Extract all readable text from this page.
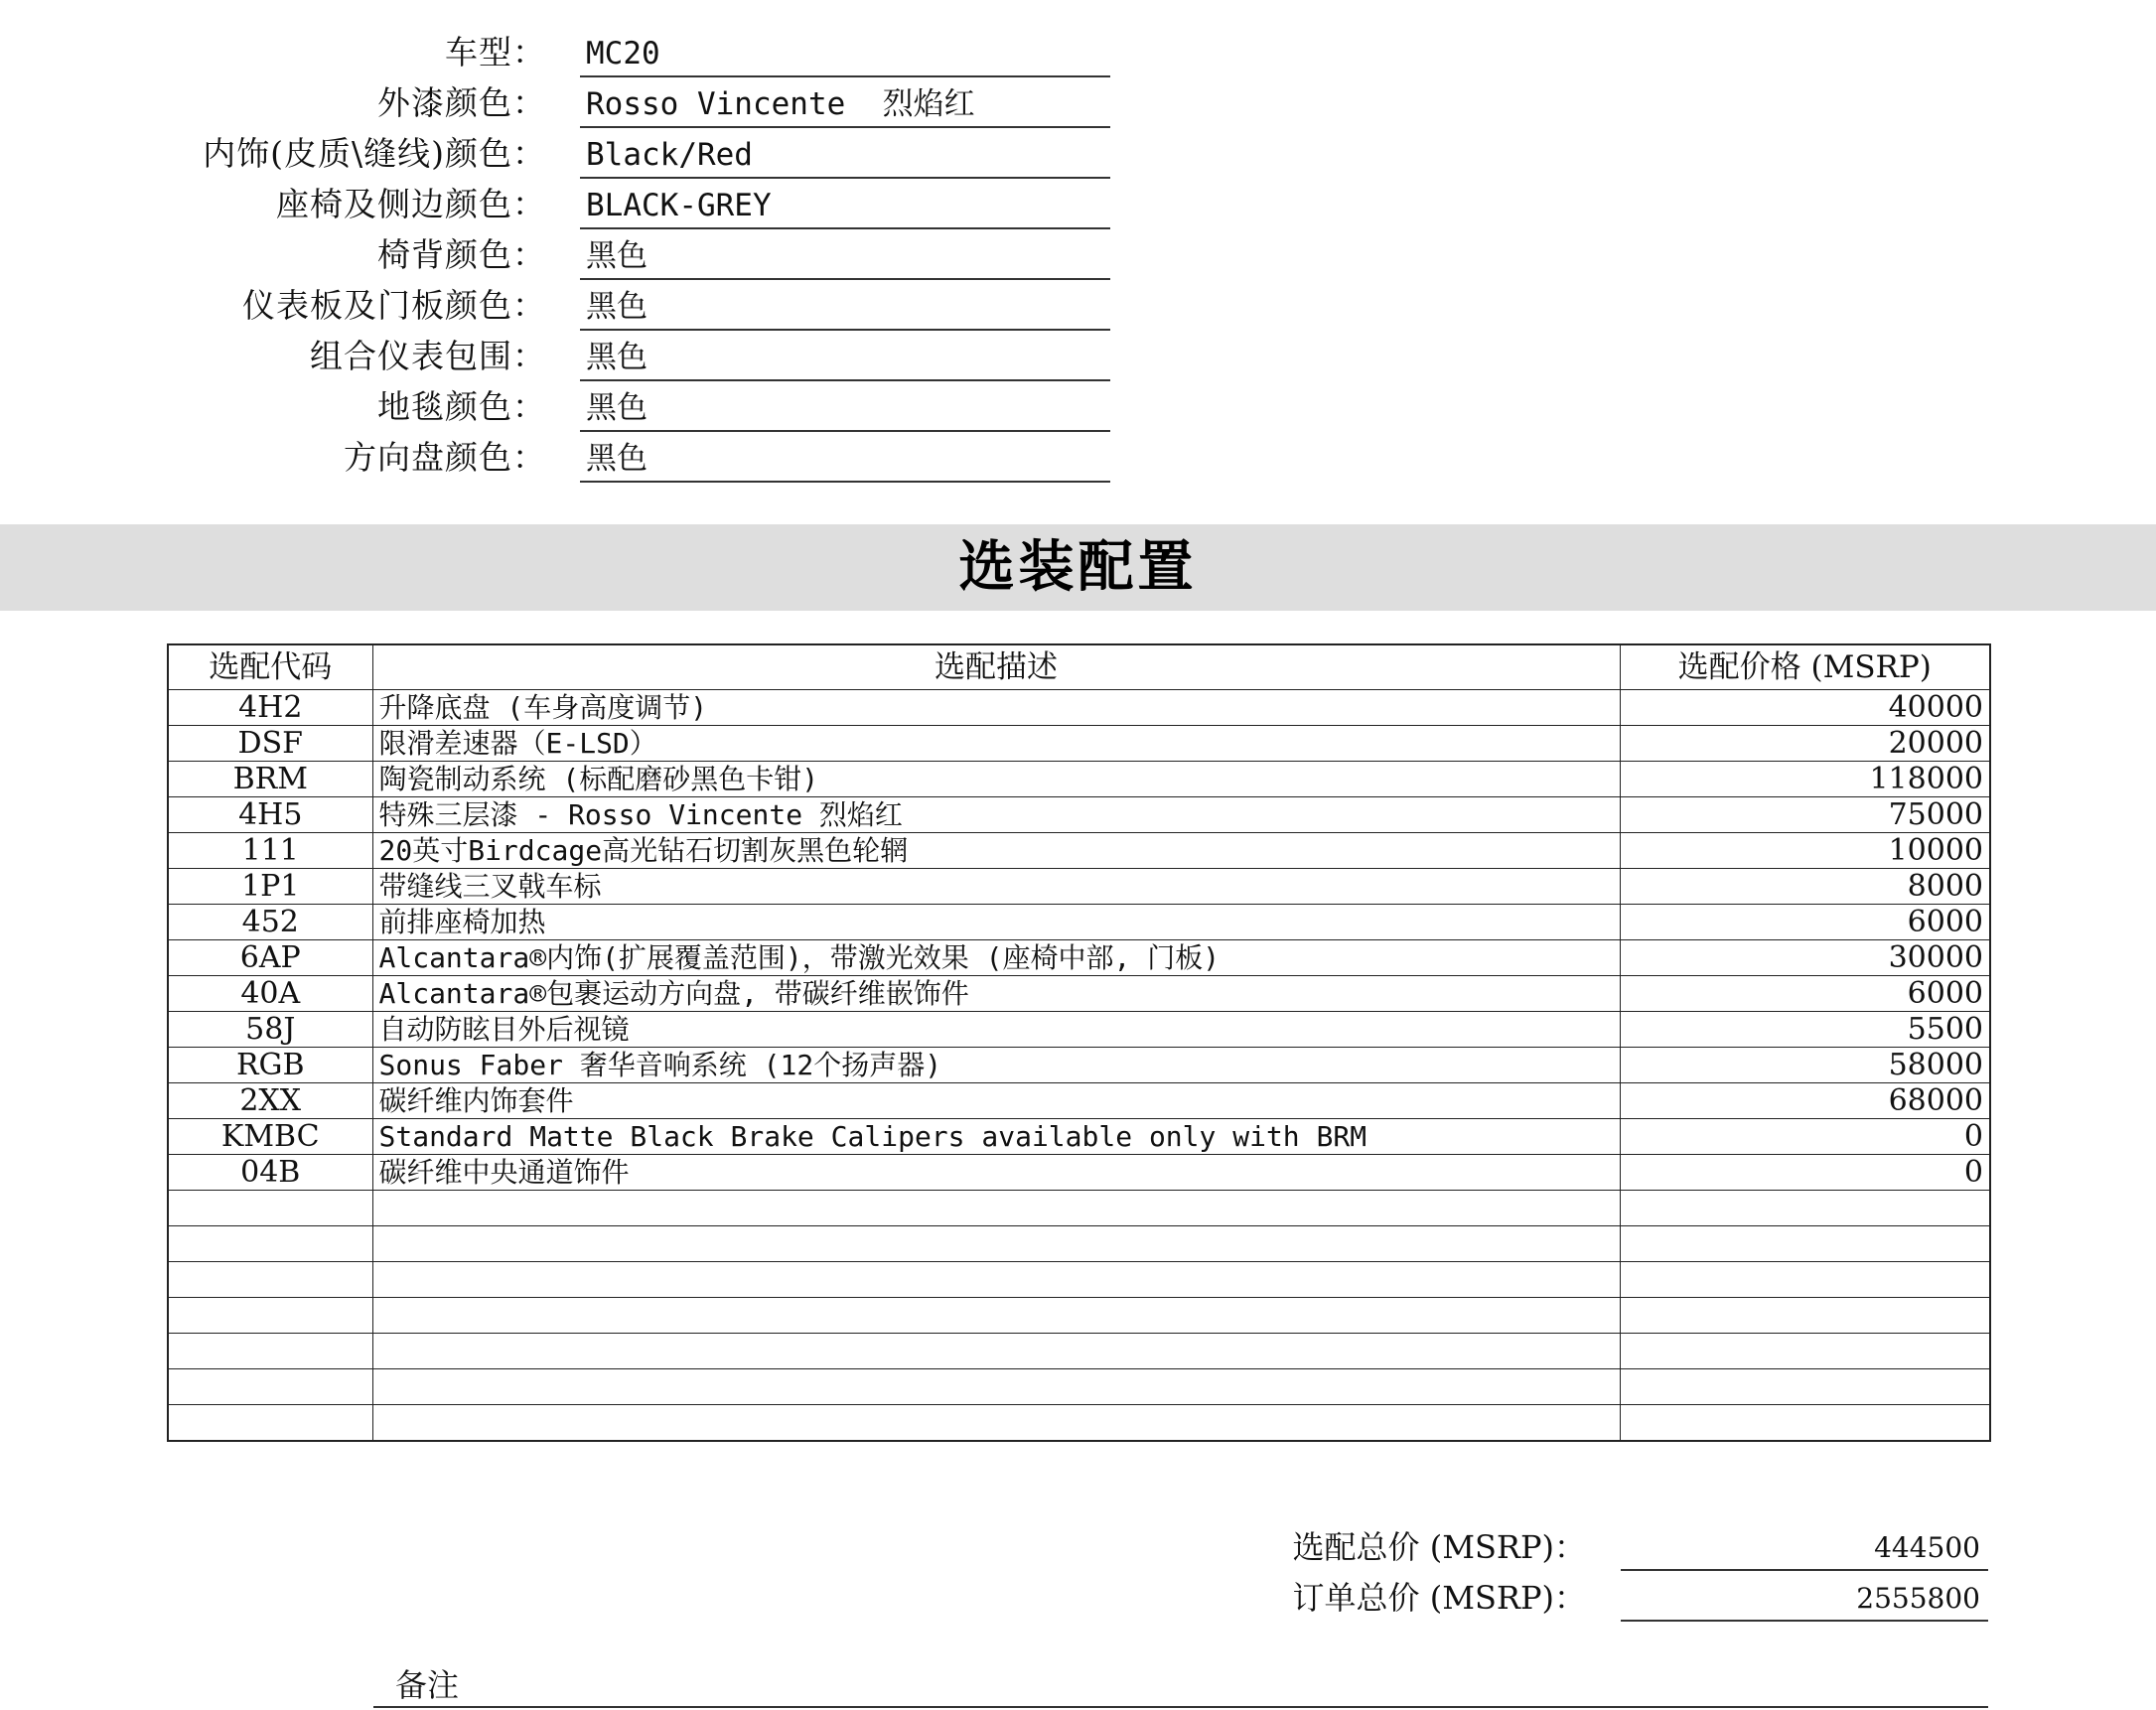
车型： MC20
外漆颜色： Rosso Vincente  烈焰红
内饰(皮质\缝线)颜色： Black/Red
座椅及侧边颜色： BLACK-GREY
椅背颜色： 黑色
仪表板及门板颜色： 黑色
组合仪表包围： 黑色
地毯颜色： 黑色
方向盘颜色： 黑色
选装配置
选配代码	选配描述	选配价格 (MSRP)
4H2	升降底盘 (车身高度调节)	40000
DSF	限滑差速器（E-LSD）	20000
BRM	陶瓷制动系统 (标配磨砂黑色卡钳)	118000
4H5	特殊三层漆 - Rosso Vincente 烈焰红	75000
111	20英寸Birdcage高光钻石切割灰黑色轮辋	10000
1P1	带缝线三叉戟车标	8000
452	前排座椅加热	6000
6AP	Alcantara®内饰(扩展覆盖范围)，带激光效果 (座椅中部, 门板)	30000
40A	Alcantara®包裹运动方向盘, 带碳纤维嵌饰件	6000
58J	自动防眩目外后视镜	5500
RGB	Sonus Faber 奢华音响系统 (12个扬声器)	58000
2XX	碳纤维内饰套件	68000
KMBC	Standard Matte Black Brake Calipers available only with BRM	0
04B	碳纤维中央通道饰件	0

选配总价 (MSRP)：	444500
订单总价 (MSRP)：	2555800
备注
